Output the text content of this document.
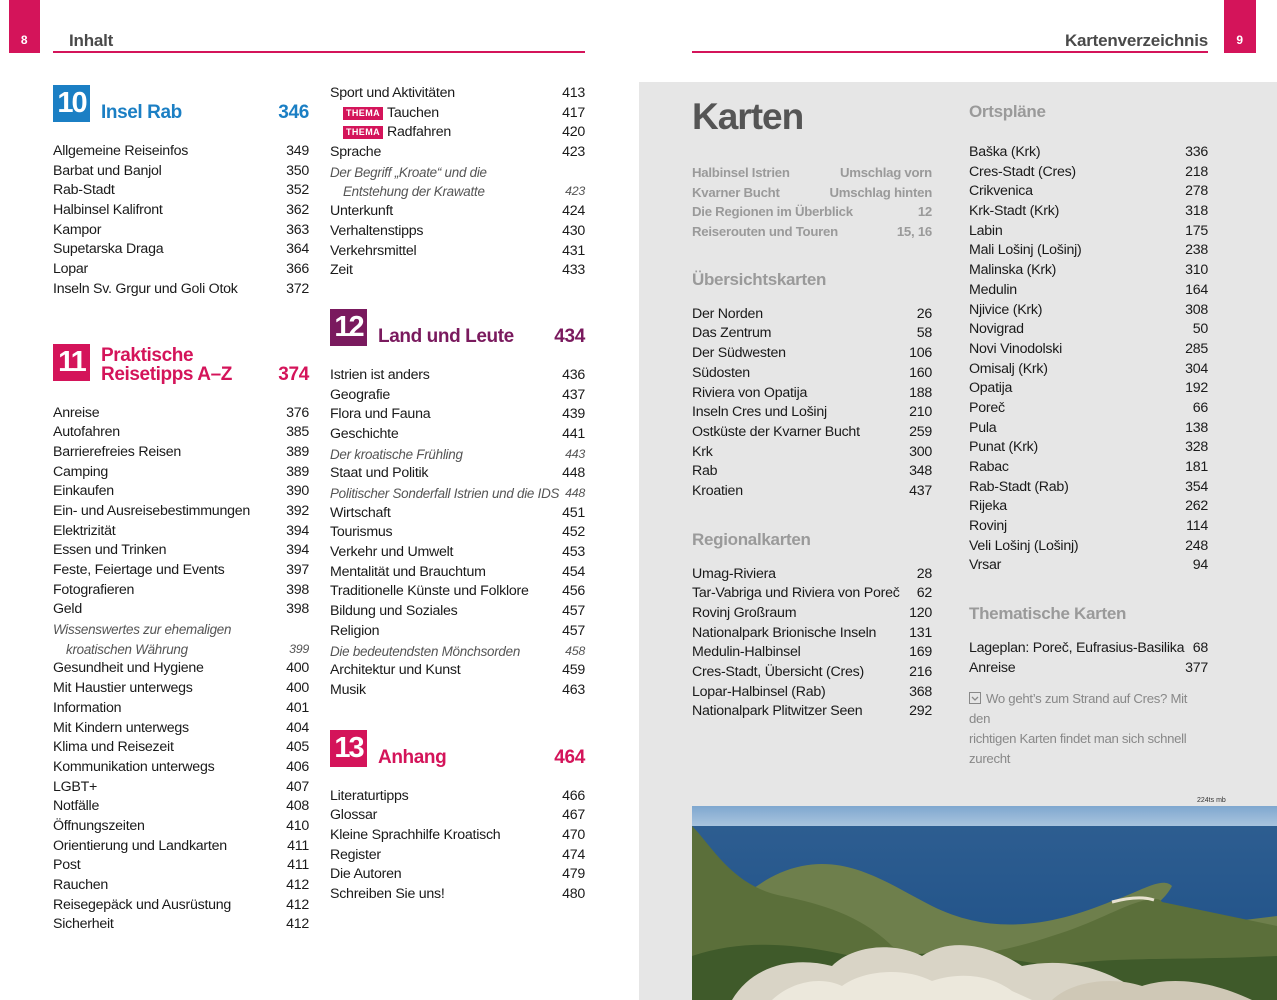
8	Inhalt	Kartenverzeichnis	9
10 Insel Rab	346
Allgemeine Reiseinfos	349
Barbat und Banjol	350
Rab-Stadt	352
Halbinsel Kalifront	362
Kampor	363
Supetarska Draga	364
Lopar	366
Inseln Sv. Grgur und Goli Otok	372
11 Praktische
Reisetipps A–Z	374
Anreise	376
Autofahren	385
Barrierefreies Reisen	389
Camping	389
Einkaufen	390
Ein- und Ausreisebestimmungen	392
Elektrizität	394
Essen und Trinken	394
Feste, Feiertage und Events	397
Fotografieren	398
Geld	398
Wissenswertes zur ehemaligen
kroatischen Währung	399
Gesundheit und Hygiene	400
Mit Haustier unterwegs	400
Information	401
Mit Kindern unterwegs	404
Klima und Reisezeit	405
Kommunikation unterwegs	406
LGBT+	407
Notfälle	408
Öffnungszeiten	410
Orientierung und Landkarten	411
Post	411
Rauchen	412
Reisegepäck und Ausrüstung	412
Sicherheit	412
Sport und Aktivitäten	413
THEMA Tauchen	417
THEMA Radfahren	420
Sprache	423
Der Begriff „Kroate“ und die
Entstehung der Krawatte	423
Unterkunft	424
Verhaltenstipps	430
Verkehrsmittel	431
Zeit	433
12 Land und Leute	434
Istrien ist anders	436
Geografie	437
Flora und Fauna	439
Geschichte	441
Der kroatische Frühling	443
Staat und Politik	448
Politischer Sonderfall Istrien und die IDS 448
Wirtschaft	451
Tourismus	452
Verkehr und Umwelt	453
Mentalität und Brauchtum	454
Traditionelle Künste und Folklore 456
Bildung und Soziales	457
Religion	457
Die bedeutendsten Mönchsorden	458
Architektur und Kunst	459
Musik	463
13 Anhang	464
Literaturtipps	466
Glossar	467
Kleine Sprachhilfe Kroatisch	470
Register	474
Die Autoren	479
Schreiben Sie uns!	480
Karten
Halbinsel Istrien	Umschlag vorn
Kvarner Bucht	Umschlag hinten
Die Regionen im Überblick	12
Reiserouten und Touren	15, 16
Übersichtskarten
Der Norden	26
Das Zentrum	58
Der Südwesten	106
Südosten	160
Riviera von Opatija	188
Inseln Cres und Lošinj	210
Ostküste der Kvarner Bucht	259
Krk	300
Rab	348
Kroatien	437
Regionalkarten
Umag-Riviera	28
Tar-Vabriga und Riviera von Poreč 62
Rovinj Großraum	120
Nationalpark Brionische Inseln 131
Medulin-Halbinsel	169
Cres-Stadt, Übersicht (Cres)	216
Lopar-Halbinsel (Rab)	368
Nationalpark Plitwitzer Seen	292
Ortspläne
Baška (Krk)	336
Cres-Stadt (Cres)	218
Crikvenica	278
Krk-Stadt (Krk)	318
Labin	175
Mali Lošinj (Lošinj)	238
Malinska (Krk)	310
Medulin	164
Njivice (Krk)	308
Novigrad	50
Novi Vinodolski	285
Omisalj (Krk)	304
Opatija	192
Poreč	66
Pula	138
Punat (Krk)	328
Rabac	181
Rab-Stadt (Rab)	354
Rijeka	262
Rovinj	114
Veli Lošinj (Lošinj)	248
Vrsar	94
Thematische Karten
Lageplan: Poreč, Eufrasius-Basilika 68
Anreise	377
Wo geht’s zum Strand auf Cres? Mit den
richtigen Karten findet man sich schnell zurecht
224ts mb
